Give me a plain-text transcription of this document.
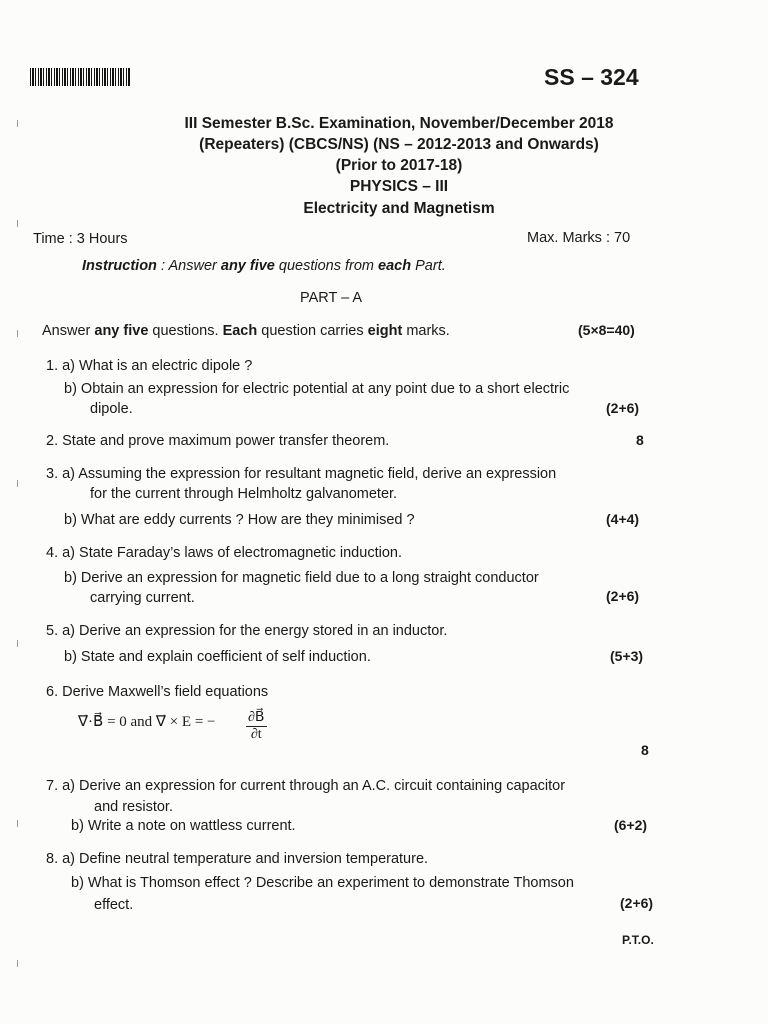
SS – 324
III Semester B.Sc. Examination, November/December 2018
(Repeaters) (CBCS/NS) (NS – 2012-2013 and Onwards)
(Prior to 2017-18)
PHYSICS – III
Electricity and Magnetism
Time : 3 Hours	Max. Marks : 70
Instruction : Answer any five questions from each Part.
PART – A
Answer any five questions. Each question carries eight marks.	(5×8=40)
1. a) What is an electric dipole ?
b) Obtain an expression for electric potential at any point due to a short electric
dipole.	(2+6)
2. State and prove maximum power transfer theorem.	8
3. a) Assuming the expression for resultant magnetic field, derive an expression
for the current through Helmholtz galvanometer.
b) What are eddy currents ? How are they minimised ?	(4+4)
4. a) State Faraday’s laws of electromagnetic induction.
b) Derive an expression for magnetic field due to a long straight conductor
carrying current.	(2+6)
5. a) Derive an expression for the energy stored in an inductor.
b) State and explain coefficient of self induction.	(5+3)
6. Derive Maxwell’s field equations
∇⃗·B⃗ = 0 and ∇⃗ × E = − $\frac{\partial B⃗}{\partial t}$
8
7. a) Derive an expression for current through an A.C. circuit containing capacitor
and resistor.
b) Write a note on wattless current.	(6+2)
8. a) Define neutral temperature and inversion temperature.
b) What is Thomson effect ? Describe an experiment to demonstrate Thomson
effect.	(2+6)
P.T.O.
